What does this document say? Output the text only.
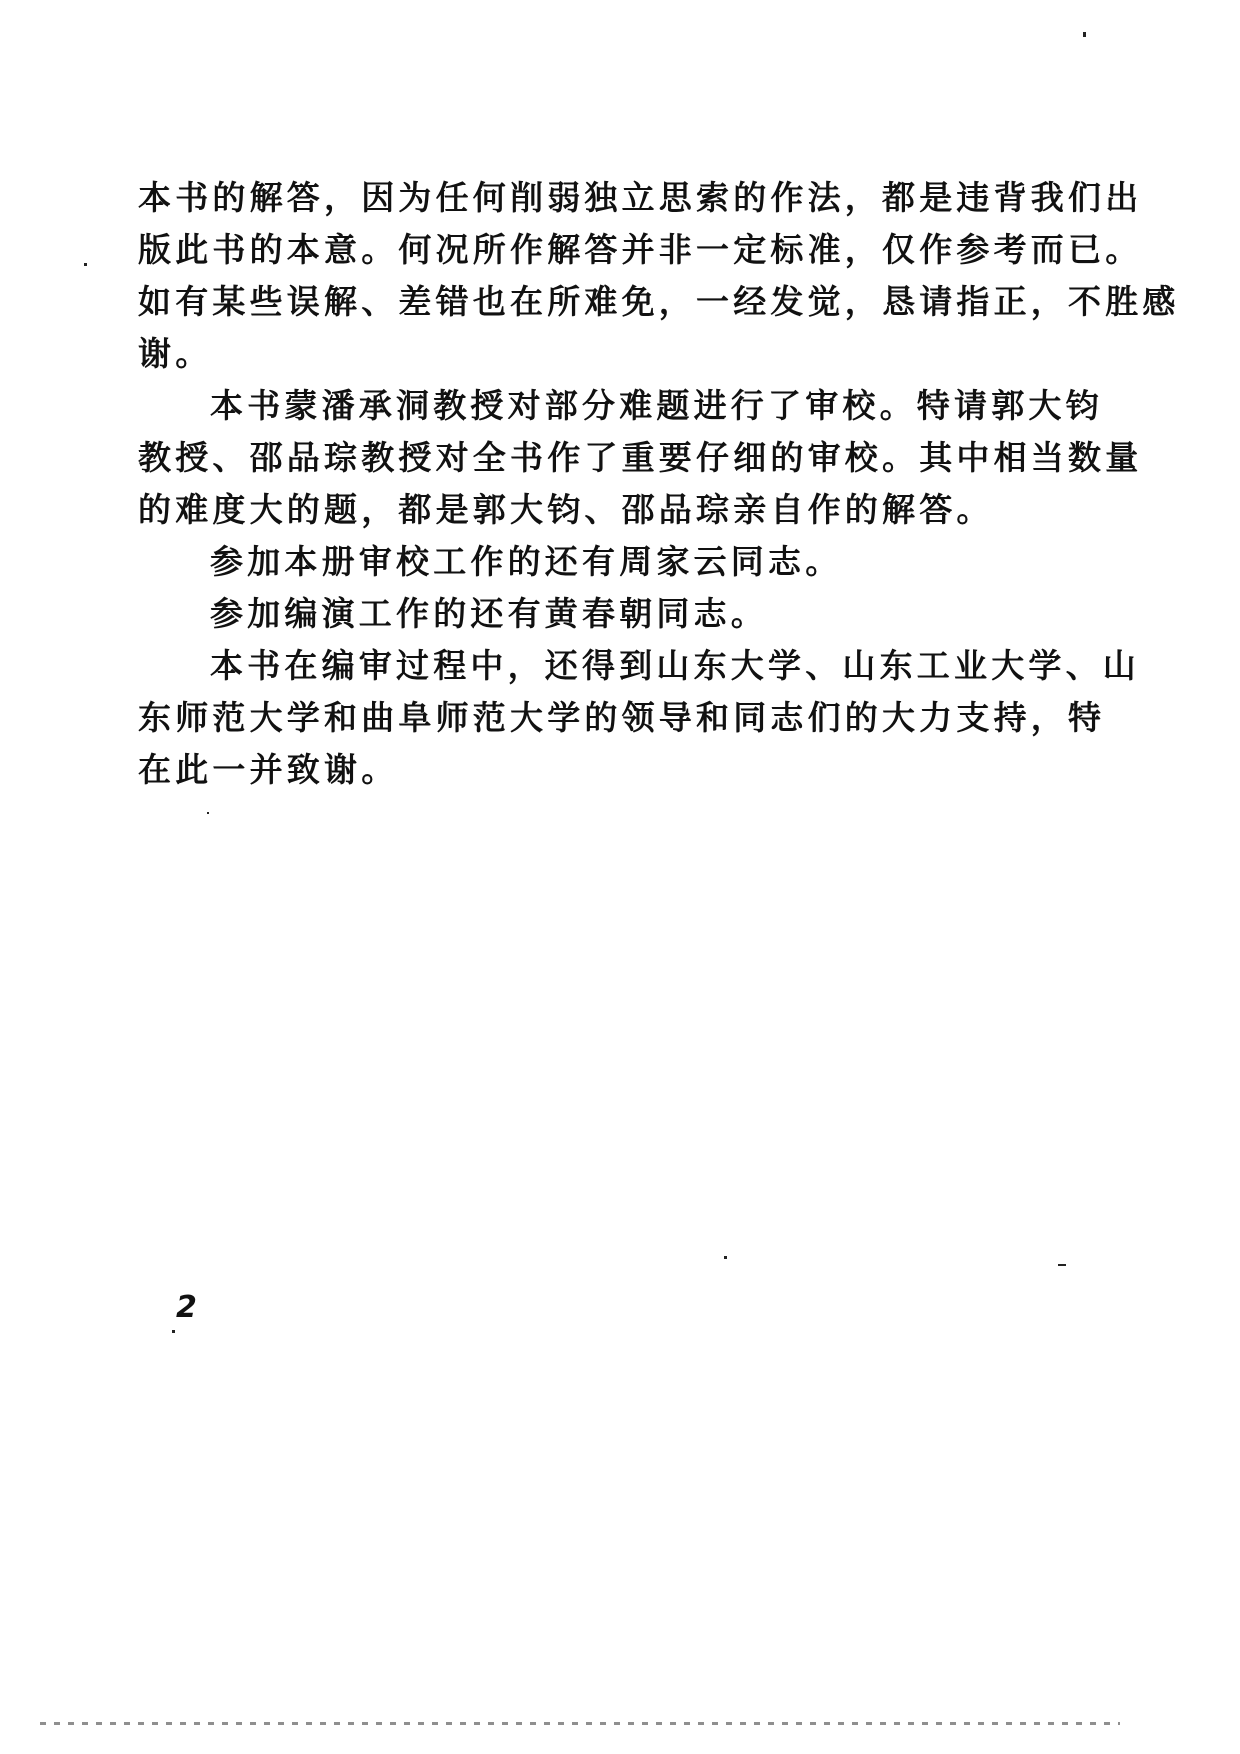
本书的解答，因为任何削弱独立思索的作法，都是违背我们出
版此书的本意。何况所作解答并非一定标准，仅作参考而已。
如有某些误解、差错也在所难免，一经发觉，恳请指正，不胜感
谢。
本书蒙潘承洞教授对部分难题进行了审校。特请郭大钧
教授、邵品琮教授对全书作了重要仔细的审校。其中相当数量
的难度大的题，都是郭大钧、邵品琮亲自作的解答。
参加本册审校工作的还有周家云同志。
参加编演工作的还有黄春朝同志。
本书在编审过程中，还得到山东大学、山东工业大学、山
东师范大学和曲阜师范大学的领导和同志们的大力支持，特
在此一并致谢。
2
